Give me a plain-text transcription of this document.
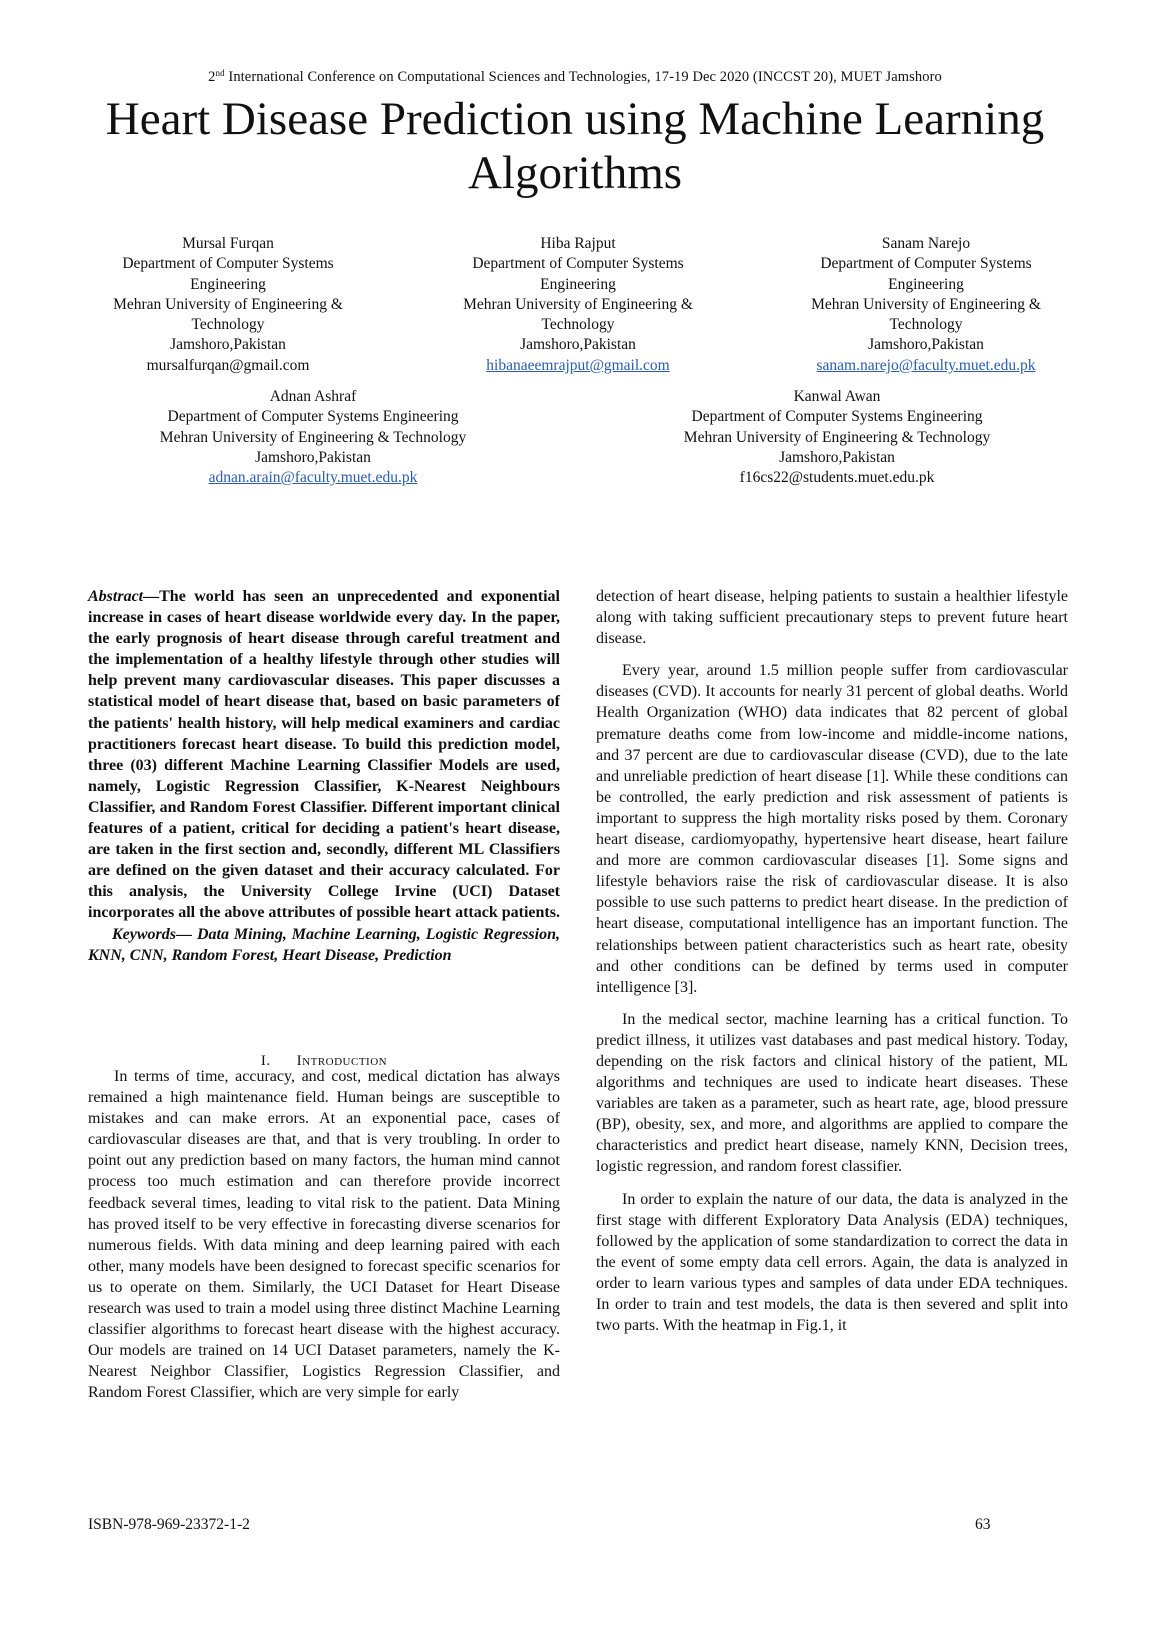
2nd International Conference on Computational Sciences and Technologies, 17-19 Dec 2020 (INCCST 20), MUET Jamshoro
Heart Disease Prediction using Machine Learning Algorithms
Mursal Furqan
Department of Computer Systems
Engineering
Mehran University of Engineering &
Technology
Jamshoro,Pakistan
mursalfurqan@gmail.com
Hiba Rajput
Department of Computer Systems
Engineering
Mehran University of Engineering &
Technology
Jamshoro,Pakistan
hibanaeemrajput@gmail.com
Sanam Narejo
Department of Computer Systems
Engineering
Mehran University of Engineering &
Technology
Jamshoro,Pakistan
sanam.narejo@faculty.muet.edu.pk
Adnan Ashraf
Department of Computer Systems Engineering
Mehran University of Engineering & Technology
Jamshoro,Pakistan
adnan.arain@faculty.muet.edu.pk
Kanwal Awan
Department of Computer Systems Engineering
Mehran University of Engineering & Technology
Jamshoro,Pakistan
f16cs22@students.muet.edu.pk

Abstract—The world has seen an unprecedented and exponential increase in cases of heart disease worldwide every day. In the paper, the early prognosis of heart disease through careful treatment and the implementation of a healthy lifestyle through other studies will help prevent many cardiovascular diseases. This paper discusses a statistical model of heart disease that, based on basic parameters of the patients' health history, will help medical examiners and cardiac practitioners forecast heart disease. To build this prediction model, three (03) different Machine Learning Classifier Models are used, namely, Logistic Regression Classifier, K-Nearest Neighbours Classifier, and Random Forest Classifier. Different important clinical features of a patient, critical for deciding a patient's heart disease, are taken in the first section and, secondly, different ML Classifiers are defined on the given dataset and their accuracy calculated. For this analysis, the University College Irvine (UCI) Dataset incorporates all the above attributes of possible heart attack patients.

Keywords— Data Mining, Machine Learning, Logistic Regression, KNN, CNN, Random Forest, Heart Disease, Prediction

I. Introduction

In terms of time, accuracy, and cost, medical dictation has always remained a high maintenance field. Human beings are susceptible to mistakes and can make errors. At an exponential pace, cases of cardiovascular diseases are that, and that is very troubling. In order to point out any prediction based on many factors, the human mind cannot process too much estimation and can therefore provide incorrect feedback several times, leading to vital risk to the patient. Data Mining has proved itself to be very effective in forecasting diverse scenarios for numerous fields. With data mining and deep learning paired with each other, many models have been designed to forecast specific scenarios for us to operate on them. Similarly, the UCI Dataset for Heart Disease research was used to train a model using three distinct Machine Learning classifier algorithms to forecast heart disease with the highest accuracy. Our models are trained on 14 UCI Dataset parameters, namely the K-Nearest Neighbor Classifier, Logistics Regression Classifier, and Random Forest Classifier, which are very simple for early

detection of heart disease, helping patients to sustain a healthier lifestyle along with taking sufficient precautionary steps to prevent future heart disease.

Every year, around 1.5 million people suffer from cardiovascular diseases (CVD). It accounts for nearly 31 percent of global deaths. World Health Organization (WHO) data indicates that 82 percent of global premature deaths come from low-income and middle-income nations, and 37 percent are due to cardiovascular disease (CVD), due to the late and unreliable prediction of heart disease [1]. While these conditions can be controlled, the early prediction and risk assessment of patients is important to suppress the high mortality risks posed by them. Coronary heart disease, cardiomyopathy, hypertensive heart disease, heart failure and more are common cardiovascular diseases [1]. Some signs and lifestyle behaviors raise the risk of cardiovascular disease. It is also possible to use such patterns to predict heart disease. In the prediction of heart disease, computational intelligence has an important function. The relationships between patient characteristics such as heart rate, obesity and other conditions can be defined by terms used in computer intelligence [3].

In the medical sector, machine learning has a critical function. To predict illness, it utilizes vast databases and past medical history. Today, depending on the risk factors and clinical history of the patient, ML algorithms and techniques are used to indicate heart diseases. These variables are taken as a parameter, such as heart rate, age, blood pressure (BP), obesity, sex, and more, and algorithms are applied to compare the characteristics and predict heart disease, namely KNN, Decision trees, logistic regression, and random forest classifier.

In order to explain the nature of our data, the data is analyzed in the first stage with different Exploratory Data Analysis (EDA) techniques, followed by the application of some standardization to correct the data in the event of some empty data cell errors. Again, the data is analyzed in order to learn various types and samples of data under EDA techniques. In order to train and test models, the data is then severed and split into two parts. With the heatmap in Fig.1, it

ISBN-978-969-23372-1-2	63
